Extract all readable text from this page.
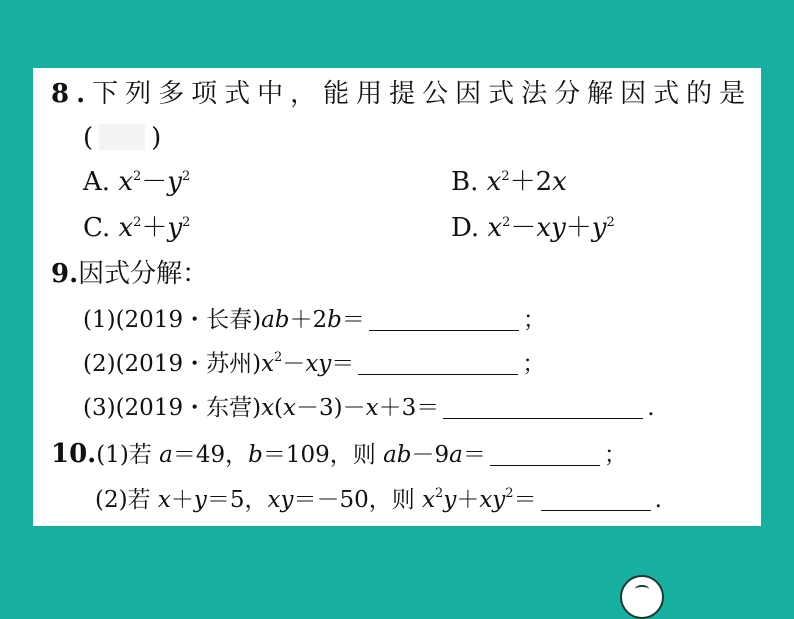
8.下列多项式中，能用提公因式法分解因式的是
( )
A. $x^2-y^2$	B. $x^2+2x$
C. $x^2+y^2$	D. $x^2-xy+y^2$
9.因式分解：
(1)(2019・长春)ab＋2b＝	；
(2)(2019・苏州)$x^2-xy=$	；
(3)(2019・东营)x(x－3)－x＋3＝	.
10.(1)若 a＝49，b＝109，则 ab－9a＝	；
(2)若 x＋y＝5，xy＝－50，则 $x^2y+xy^2=$	.
